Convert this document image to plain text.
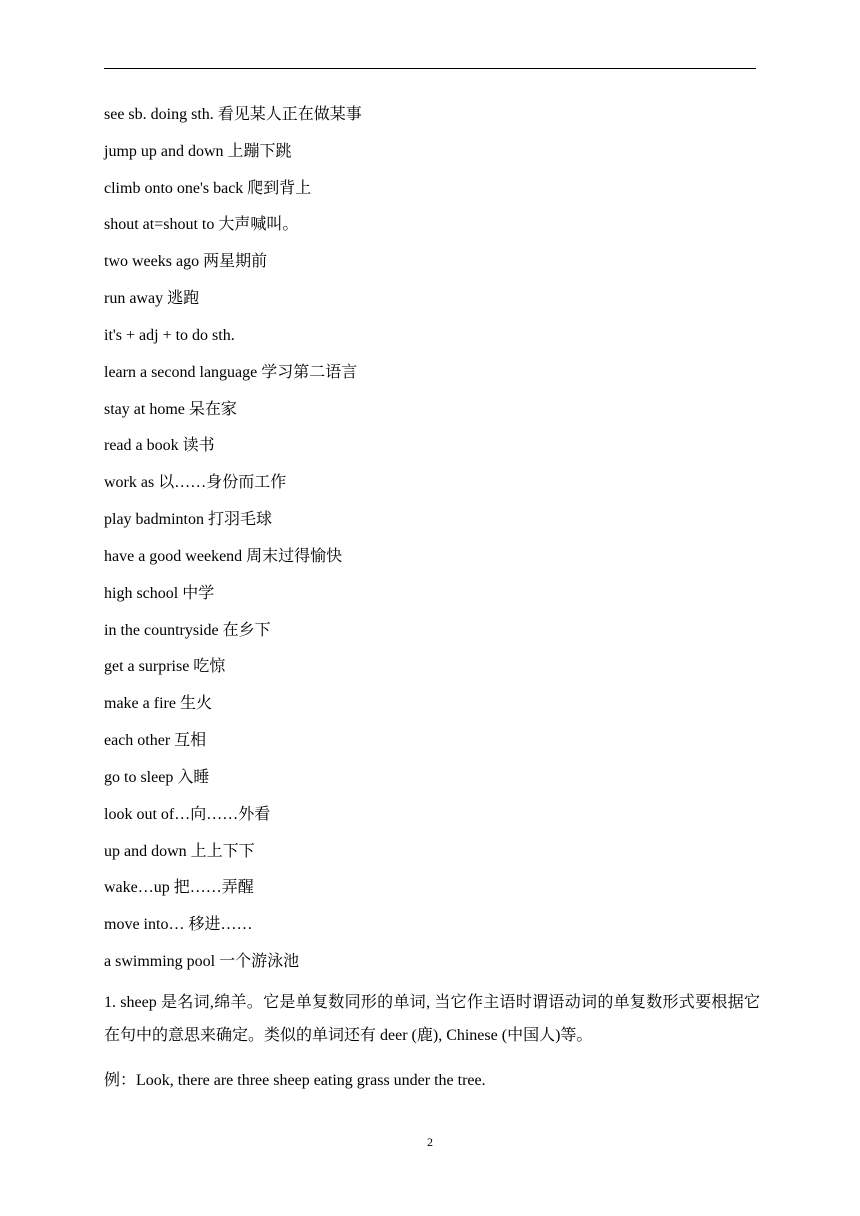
see sb. doing sth. 看见某人正在做某事
jump up and down 上蹦下跳
climb onto one's back 爬到背上
shout at=shout to 大声喊叫。
two weeks ago 两星期前
run away 逃跑
it's + adj + to do sth.
learn a second language 学习第二语言
stay at home 呆在家
read a book 读书
work as 以……身份而工作
play badminton 打羽毛球
have a good weekend 周末过得愉快
high school 中学
in the countryside 在乡下
get a surprise 吃惊
make a fire 生火
each other 互相
go to sleep 入睡
look out of…向……外看
up and down 上上下下
wake…up 把……弄醒
move into… 移进……
a swimming pool 一个游泳池

1. sheep 是名词,绵羊。它是单复数同形的单词, 当它作主语时谓语动词的单复数形式要根据它在句中的意思来确定。类似的单词还有 deer (鹿), Chinese (中国人)等。

例：Look, there are three sheep eating grass under the tree.

2
